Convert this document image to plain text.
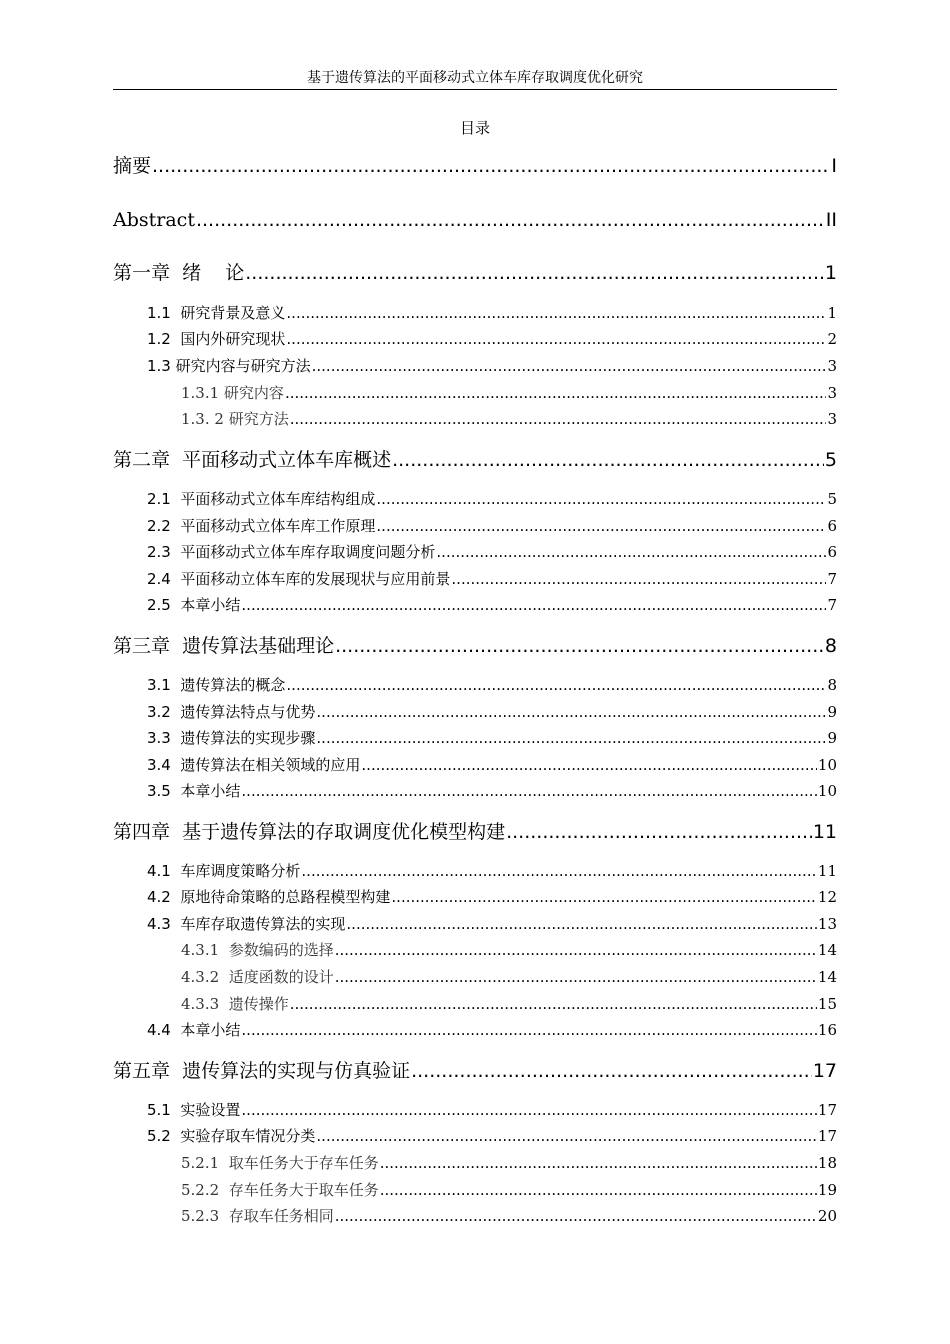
基于遗传算法的平面移动式立体车库存取调度优化研究
目录
摘要 .....	I
Abstract .....	II
第一章  绪    论 .....	1
1.1  研究背景及意义 .....	1
1.2  国内外研究现状 .....	2
1.3 研究内容与研究方法 .....	3
1.3.1 研究内容 .....	3
1.3. 2 研究方法 .....	3
第二章  平面移动式立体车库概述 .....	5
2.1  平面移动式立体车库结构组成 .....	5
2.2  平面移动式立体车库工作原理 .....	6
2.3  平面移动式立体车库存取调度问题分析 .....	6
2.4  平面移动立体车库的发展现状与应用前景 .....	7
2.5  本章小结 .....	7
第三章  遗传算法基础理论 .....	8
3.1  遗传算法的概念 .....	8
3.2  遗传算法特点与优势 .....	9
3.3  遗传算法的实现步骤 .....	9
3.4  遗传算法在相关领域的应用 .....	10
3.5  本章小结 .....	10
第四章  基于遗传算法的存取调度优化模型构建 .....	11
4.1  车库调度策略分析 .....	11
4.2  原地待命策略的总路程模型构建 .....	12
4.3  车库存取遗传算法的实现 .....	13
4.3.1  参数编码的选择 .....	14
4.3.2  适度函数的设计 .....	14
4.3.3  遗传操作 .....	15
4.4  本章小结 .....	16
第五章  遗传算法的实现与仿真验证 .....	17
5.1  实验设置 .....	17
5.2  实验存取车情况分类 .....	17
5.2.1  取车任务大于存车任务 .....	18
5.2.2  存车任务大于取车任务 .....	19
5.2.3  存取车任务相同 .....	20
